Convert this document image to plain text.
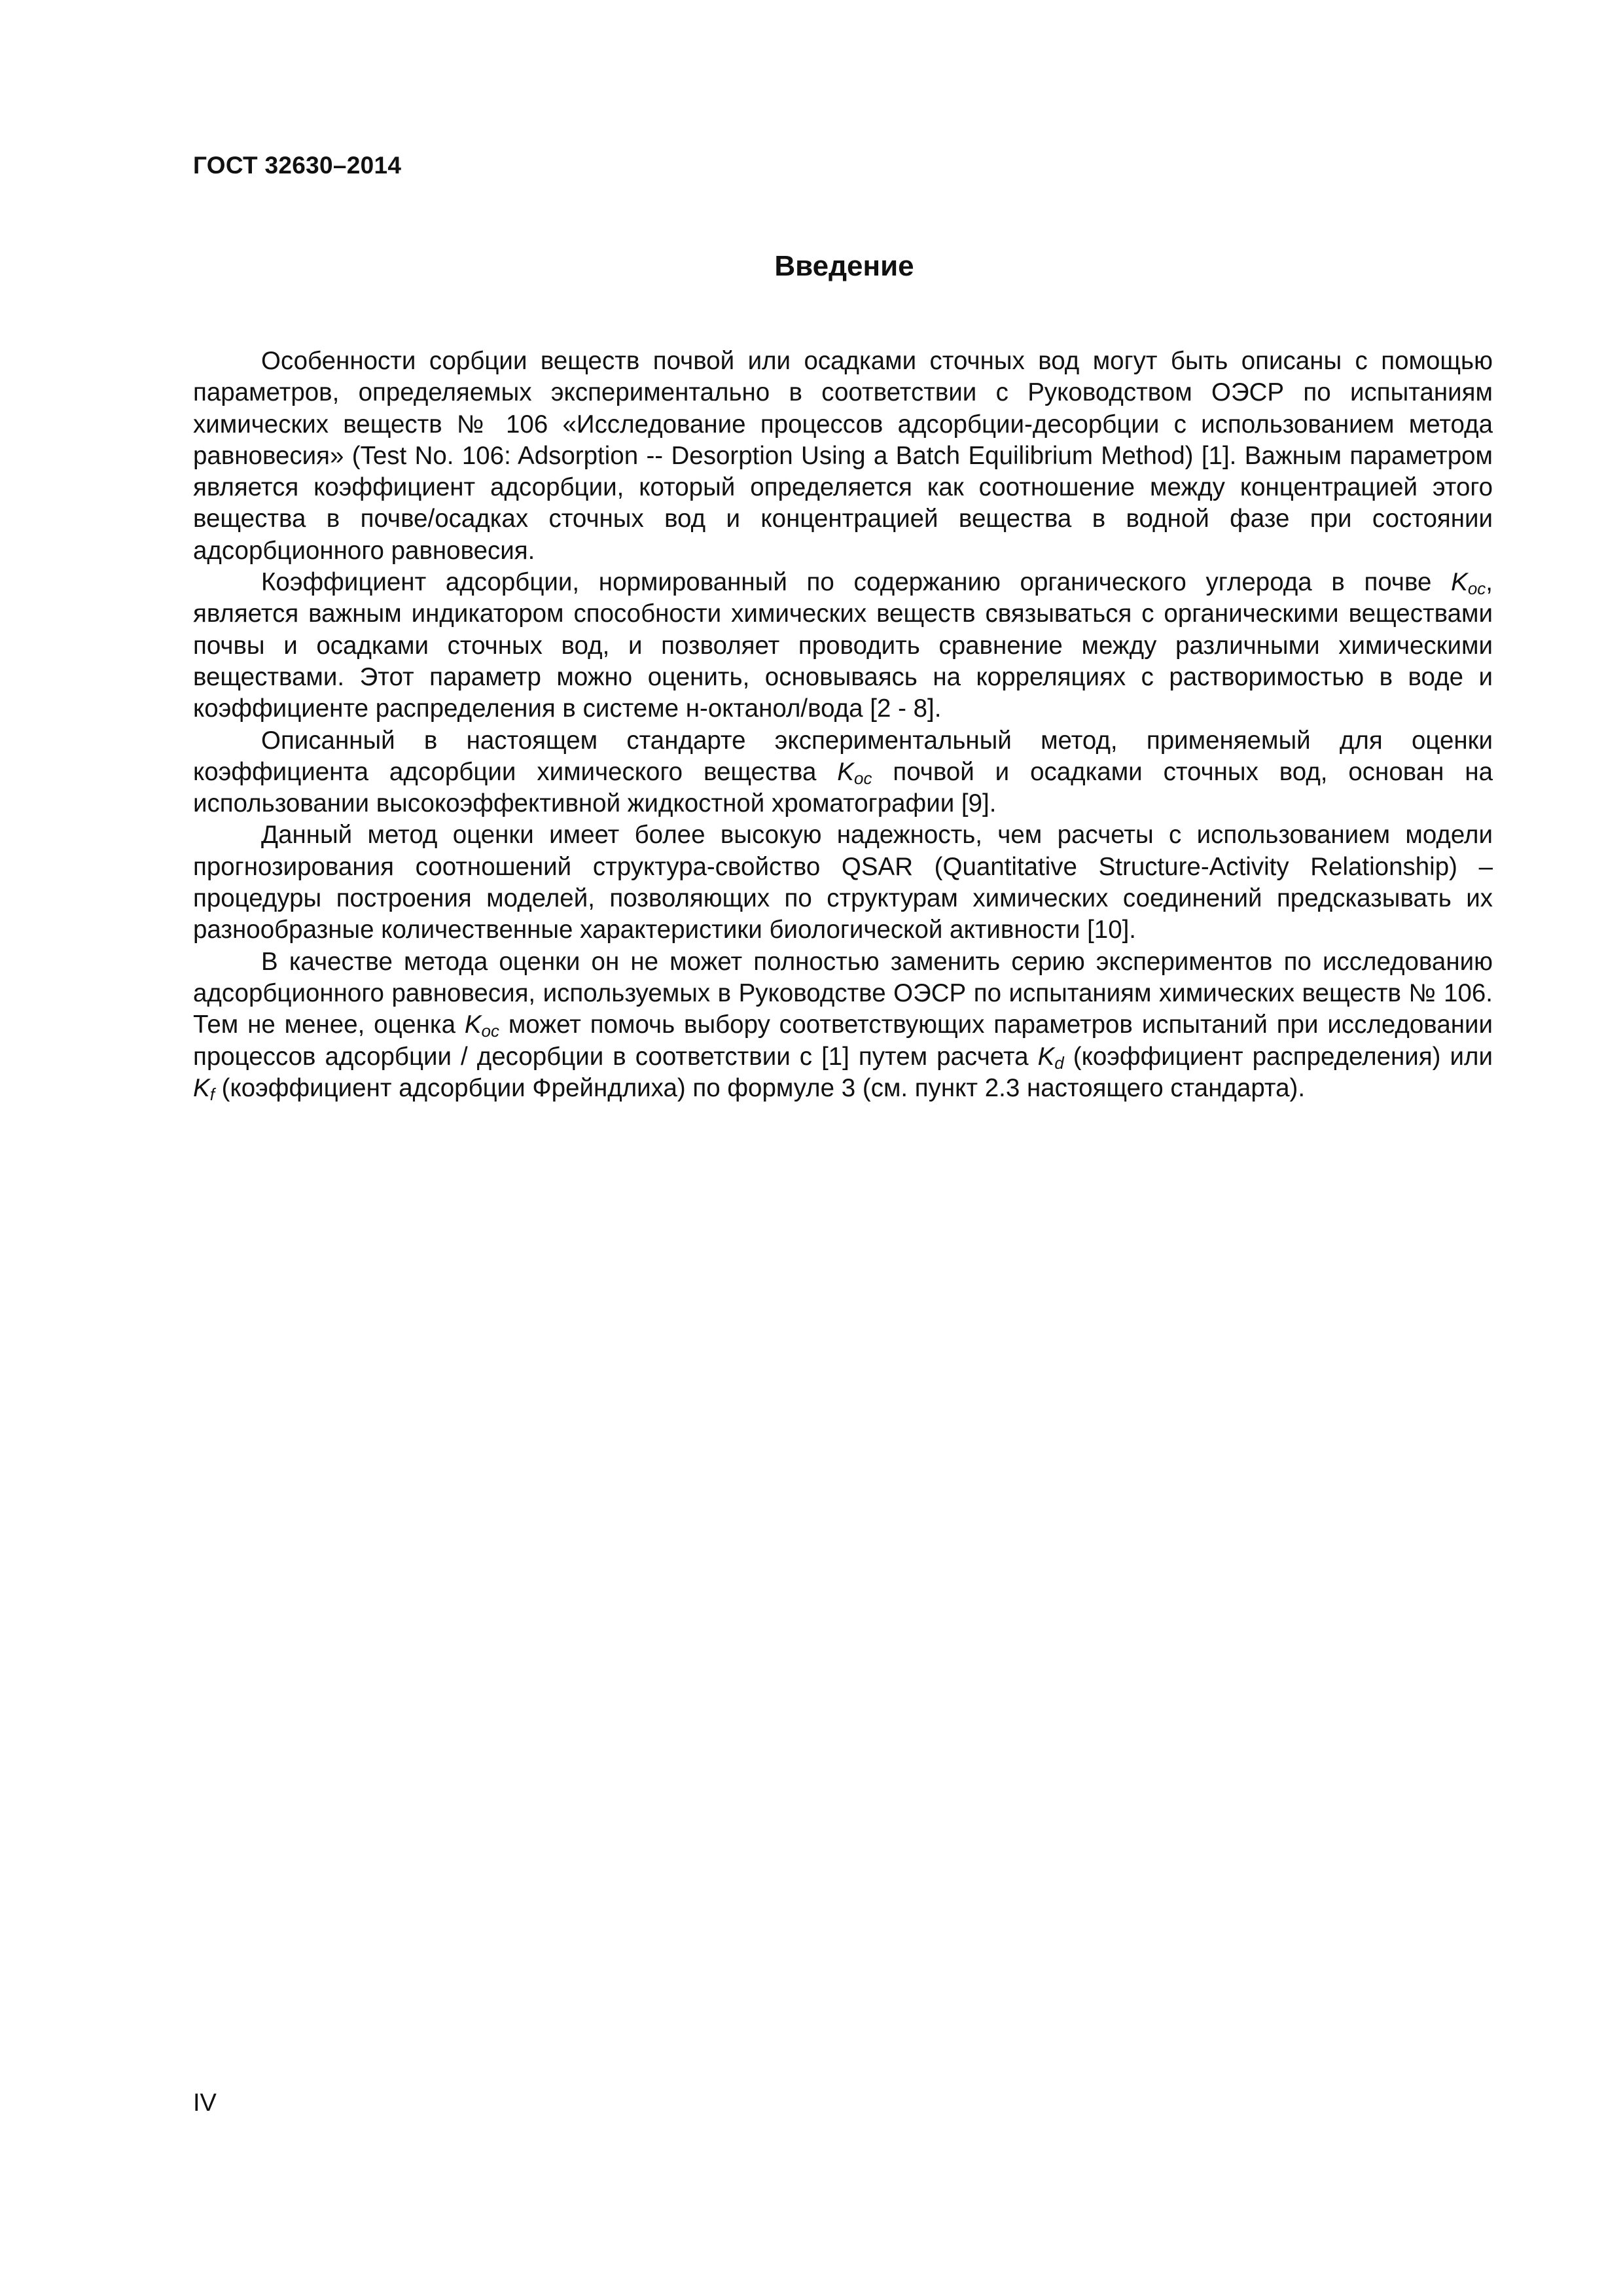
ГОСТ 32630–2014
Введение

Особенности сорбции веществ почвой или осадками сточных вод могут быть описаны с помощью параметров, определяемых экспериментально в соответствии с Руководством ОЭСР по испытаниям химических веществ № 106 «Исследование процессов адсорбции-десорбции с использованием метода равновесия» (Test No. 106: Adsorption -- Desorption Using a Batch Equilibrium Method) [1]. Важным параметром является коэффициент адсорбции, который определяется как соотношение между концентрацией этого вещества в почве/осадках сточных вод и концентрацией вещества в водной фазе при состоянии адсорбционного равновесия.

Коэффициент адсорбции, нормированный по содержанию органического углерода в почве $K_{oc}$, является важным индикатором способности химических веществ связываться с органическими веществами почвы и осадками сточных вод, и позволяет проводить сравнение между различными химическими веществами. Этот параметр можно оценить, основываясь на корреляциях с растворимостью в воде и коэффициенте распределения в системе н-октанол/вода [2 - 8].

Описанный в настоящем стандарте экспериментальный метод, применяемый для оценки коэффициента адсорбции химического вещества $K_{oc}$ почвой и осадками сточных вод, основан на использовании высокоэффективной жидкостной хроматографии [9].

Данный метод оценки имеет более высокую надежность, чем расчеты с использованием модели прогнозирования соотношений структура-свойство QSAR (Quantitative Structure-Activity Relationship) – процедуры построения моделей, позволяющих по структурам химических соединений предсказывать их разнообразные количественные характеристики биологической активности [10].

В качестве метода оценки он не может полностью заменить серию экспериментов по исследованию адсорбционного равновесия, используемых в Руководстве ОЭСР по испытаниям химических веществ № 106. Тем не менее, оценка $K_{oc}$ может помочь выбору соответствующих параметров испытаний при исследовании процессов адсорбции / десорбции в соответствии с [1] путем расчета $K_d$ (коэффициент распределения) или $K_f$ (коэффициент адсорбции Фрейндлиха) по формуле 3 (см. пункт 2.3 настоящего стандарта).

IV
